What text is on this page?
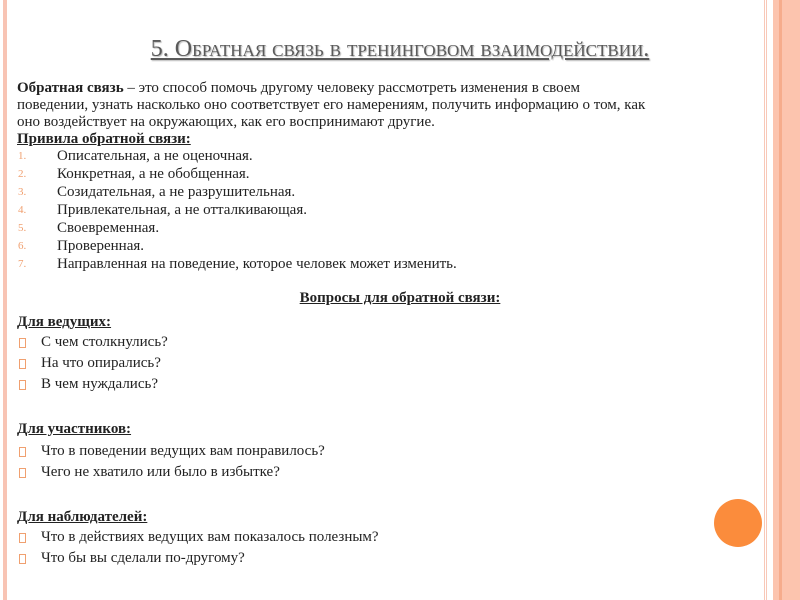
5. Обратная связь в тренинговом взаимодействии.
Обратная связь – это способ помочь другому человеку рассмотреть изменения в своем
поведении, узнать насколько оно соответствует его намерениям, получить информацию о том, как
оно воздействует на окружающих, как его воспринимают другие.
Привила обратной связи:
1. Описательная, а не оценочная.
2. Конкретная, а не обобщенная.
3. Созидательная, а не разрушительная.
4. Привлекательная, а не отталкивающая.
5. Своевременная.
6. Проверенная.
7. Направленная на поведение, которое человек может изменить.
Вопросы для обратной связи:
Для ведущих:
Для участников:
Для наблюдателей:
С чем столкнулись?
На что опирались?
В чем нуждались?
Что в поведении ведущих вам понравилось?
Чего не хватило или было в избытке?
Что в действиях ведущих вам показалось полезным?
Что бы вы сделали по-другому?
